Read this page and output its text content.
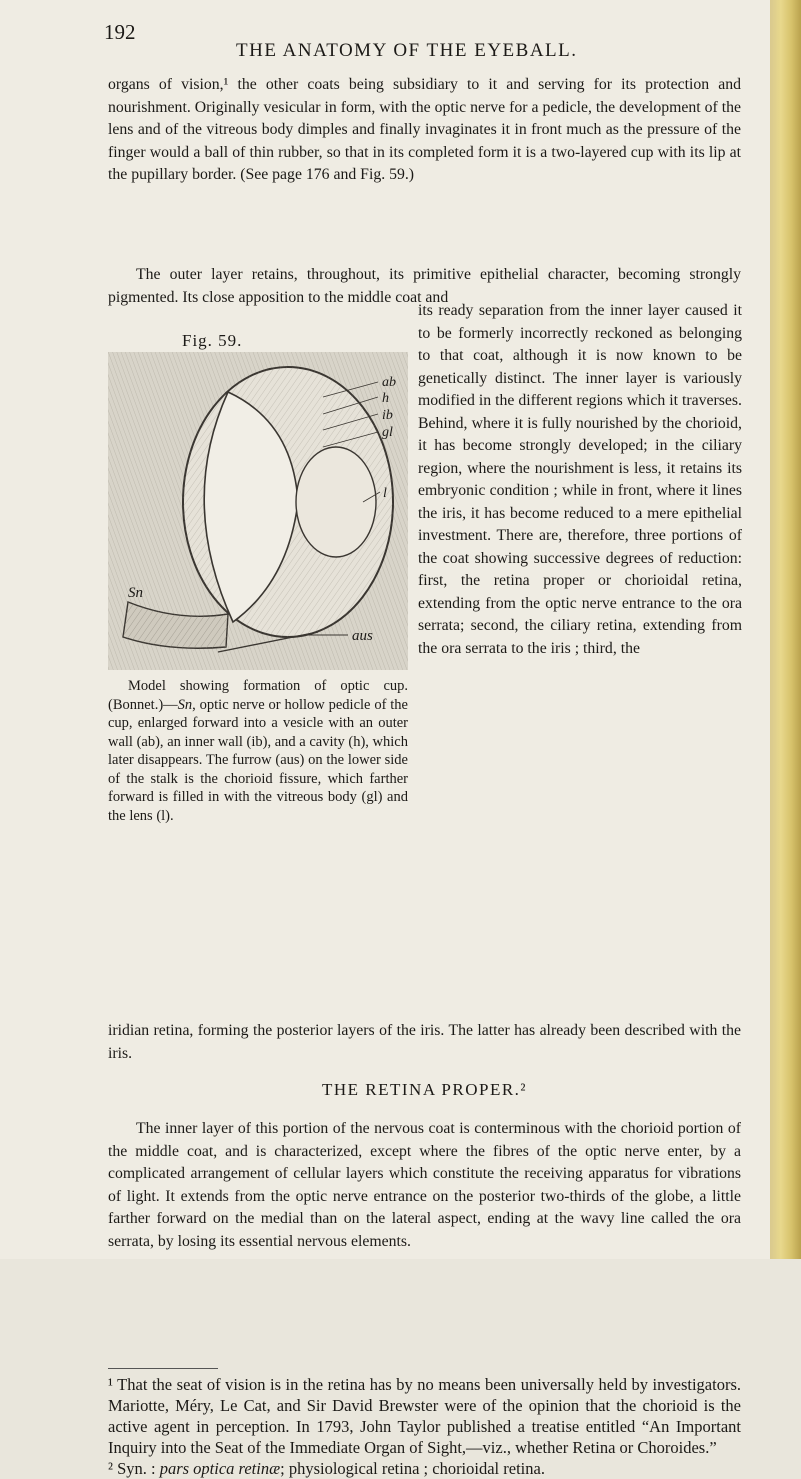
192
THE ANATOMY OF THE EYEBALL.

organs of vision,¹ the other coats being subsidiary to it and serving for its protection and nourishment. Originally vesicular in form, with the optic nerve for a pedicle, the development of the lens and of the vitreous body dimples and finally invaginates it in front much as the pressure of the finger would a ball of thin rubber, so that in its completed form it is a two-layered cup with its lip at the pupillary border. (See page 176 and Fig. 59.)

The outer layer retains, throughout, its primitive epithelial character, becoming strongly pigmented. Its close apposition to the middle coat and

Fig. 59.
ab
h
ib
gl
l
Sn
aus
Model showing formation of optic cup. (Bonnet.)—Sn, optic nerve or hollow pedicle of the cup, enlarged forward into a vesicle with an outer wall (ab), an inner wall (ib), and a cavity (h), which later disappears. The furrow (aus) on the lower side of the stalk is the chorioid fissure, which farther forward is filled in with the vitreous body (gl) and the lens (l).

its ready separation from the inner layer caused it to be formerly incorrectly reckoned as belonging to that coat, although it is now known to be genetically distinct. The inner layer is variously modified in the different regions which it traverses. Behind, where it is fully nourished by the chorioid, it has become strongly developed; in the ciliary region, where the nourishment is less, it retains its embryonic condition ; while in front, where it lines the iris, it has become reduced to a mere epithelial investment. There are, therefore, three portions of the coat showing successive degrees of reduction: first, the retina proper or chorioidal retina, extending from the optic nerve entrance to the ora serrata; second, the ciliary retina, extending from the ora serrata to the iris ; third, the

iridian retina, forming the posterior layers of the iris. The latter has already been described with the iris.

THE RETINA PROPER.²

The inner layer of this portion of the nervous coat is conterminous with the chorioid portion of the middle coat, and is characterized, except where the fibres of the optic nerve enter, by a complicated arrangement of cellular layers which constitute the receiving apparatus for vibrations of light. It extends from the optic nerve entrance on the posterior two-thirds of the globe, a little farther forward on the medial than on the lateral aspect, ending at the wavy line called the ora serrata, by losing its essential nervous elements.

¹ That the seat of vision is in the retina has by no means been universally held by investigators. Mariotte, Méry, Le Cat, and Sir David Brewster were of the opinion that the chorioid is the active agent in perception. In 1793, John Taylor published a treatise entitled “An Important Inquiry into the Seat of the Immediate Organ of Sight,—viz., whether Retina or Choroides.”
² Syn. : pars optica retinæ; physiological retina ; chorioidal retina.
